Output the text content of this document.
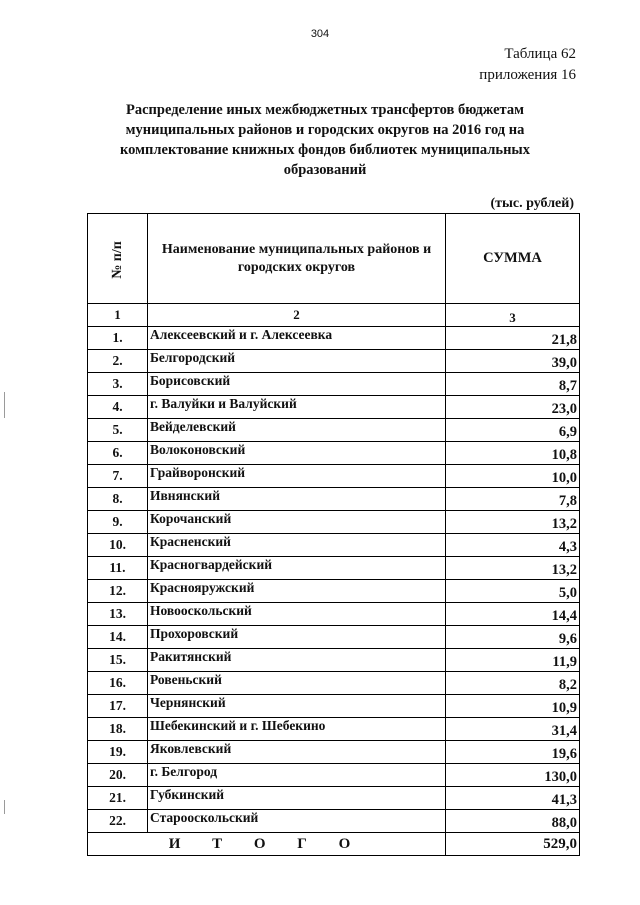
304
Таблица 62
приложения 16
Распределение иных межбюджетных трансфертов бюджетам муниципальных районов и городских округов на 2016 год на комплектование книжных фондов библиотек муниципальных образований
(тыс. рублей)
№ п/п	Наименование муниципальных районов и городских округов	СУММА
1	2	3
1.	Алексеевский и г. Алексеевка	21,8
2.	Белгородский	39,0
3.	Борисовский	8,7
4.	г. Валуйки и Валуйский	23,0
5.	Вейделевский	6,9
6.	Волоконовский	10,8
7.	Грайворонский	10,0
8.	Ивнянский	7,8
9.	Корочанский	13,2
10.	Красненский	4,3
11.	Красногвардейский	13,2
12.	Краснояружский	5,0
13.	Новооскольский	14,4
14.	Прохоровский	9,6
15.	Ракитянский	11,9
16.	Ровеньский	8,2
17.	Чернянский	10,9
18.	Шебекинский и г. Шебекино	31,4
19.	Яковлевский	19,6
20.	г. Белгород	130,0
21.	Губкинский	41,3
22.	Старооскольский	88,0
И Т О Г О		529,0
